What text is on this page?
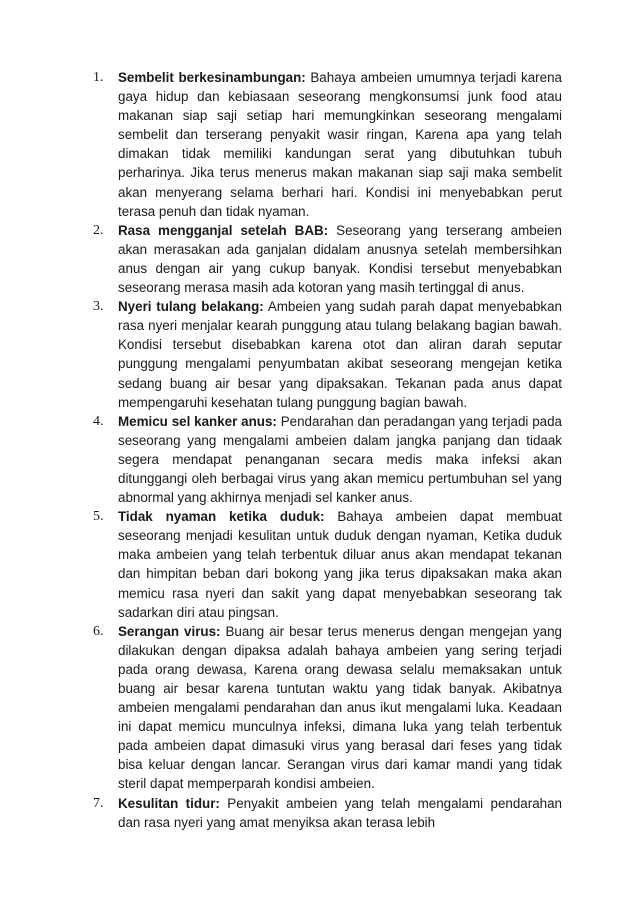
1. Sembelit berkesinambungan: Bahaya ambeien umumnya terjadi karena gaya hidup dan kebiasaan seseorang mengkonsumsi junk food atau makanan siap saji setiap hari memungkinkan seseorang mengalami sembelit dan terserang penyakit wasir ringan, Karena apa yang telah dimakan tidak memiliki kandungan serat yang dibutuhkan tubuh perharinya. Jika terus menerus makan makanan siap saji maka sembelit akan menyerang selama berhari hari. Kondisi ini menyebabkan perut terasa penuh dan tidak nyaman.
2. Rasa mengganjal setelah BAB: Seseorang yang terserang ambeien akan merasakan ada ganjalan didalam anusnya setelah membersihkan anus dengan air yang cukup banyak. Kondisi tersebut menyebabkan seseorang merasa masih ada kotoran yang masih tertinggal di anus.
3. Nyeri tulang belakang: Ambeien yang sudah parah dapat menyebabkan rasa nyeri menjalar kearah punggung atau tulang belakang bagian bawah. Kondisi tersebut disebabkan karena otot dan aliran darah seputar punggung mengalami penyumbatan akibat seseorang mengejan ketika sedang buang air besar yang dipaksakan. Tekanan pada anus dapat mempengaruhi kesehatan tulang punggung bagian bawah.
4. Memicu sel kanker anus: Pendarahan dan peradangan yang terjadi pada seseorang yang mengalami ambeien dalam jangka panjang dan tidaak segera mendapat penanganan secara medis maka infeksi akan ditunggangi oleh berbagai virus yang akan memicu pertumbuhan sel yang abnormal yang akhirnya menjadi sel kanker anus.
5. Tidak nyaman ketika duduk: Bahaya ambeien dapat membuat seseorang menjadi kesulitan untuk duduk dengan nyaman, Ketika duduk maka ambeien yang telah terbentuk diluar anus akan mendapat tekanan dan himpitan beban dari bokong yang jika terus dipaksakan maka akan memicu rasa nyeri dan sakit yang dapat menyebabkan seseorang tak sadarkan diri atau pingsan.
6. Serangan virus: Buang air besar terus menerus dengan mengejan yang dilakukan dengan dipaksa adalah bahaya ambeien yang sering terjadi pada orang dewasa, Karena orang dewasa selalu memaksakan untuk buang air besar karena tuntutan waktu yang tidak banyak. Akibatnya ambeien mengalami pendarahan dan anus ikut mengalami luka. Keadaan ini dapat memicu munculnya infeksi, dimana luka yang telah terbentuk pada ambeien dapat dimasuki virus yang berasal dari feses yang tidak bisa keluar dengan lancar. Serangan virus dari kamar mandi yang tidak steril dapat memperparah kondisi ambeien.
7. Kesulitan tidur: Penyakit ambeien yang telah mengalami pendarahan dan rasa nyeri yang amat menyiksa akan terasa lebih
